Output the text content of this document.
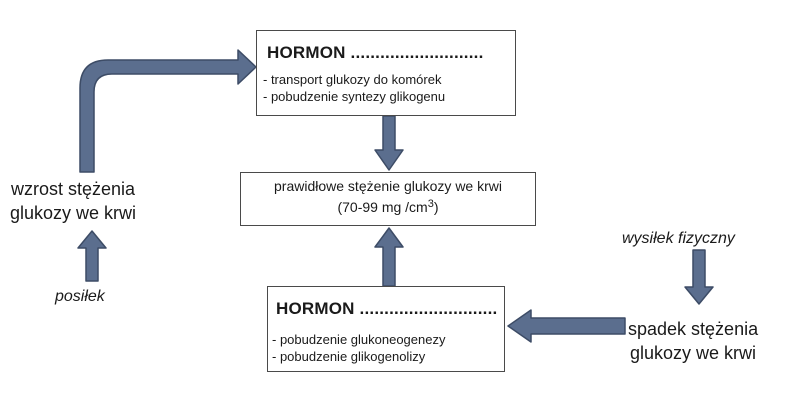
HORMON ...........................
- transport glukozy do komórek
- pobudzenie syntezy glikogenu
prawidłowe stężenie glukozy we krwi
(70-99 mg $/cm^3$)
HORMON ............................
- pobudzenie glukoneogenezy
- pobudzenie glikogenolizy
wzrost stężenia
glukozy we krwi
posiłek
wysiłek fizyczny
spadek stężenia
glukozy we krwi
